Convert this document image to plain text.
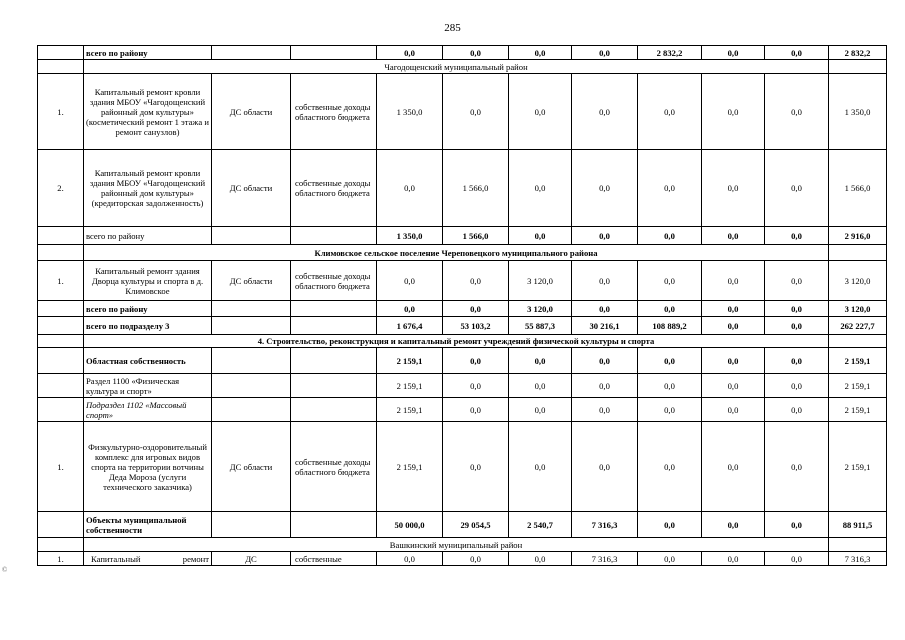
285
©
	всего по району			0,0	0,0	0,0	0,0	2 832,2	0,0	0,0	2 832,2
	Чагодощенский муниципальный район										
1.	Капитальный ремонт кровли здания МБОУ «Чагодощенский районный дом культуры» (косметический ремонт 1 этажа и ремонт санузлов)	ДС области	собственные доходы областного бюджета	1 350,0	0,0	0,0	0,0	0,0	0,0	0,0	1 350,0
2.	Капитальный ремонт кровли здания МБОУ «Чагодощенский районный дом культуры» (кредиторская задолженность)	ДС области	собственные доходы областного бюджета	0,0	1 566,0	0,0	0,0	0,0	0,0	0,0	1 566,0
	всего по району			1 350,0	1 566,0	0,0	0,0	0,0	0,0	0,0	2 916,0
	Климовское сельское поселение Череповецкого муниципального района										
1.	Капитальный ремонт здания Дворца культуры и спорта в д. Климовское	ДС области	собственные доходы областного бюджета	0,0	0,0	3 120,0	0,0	0,0	0,0	0,0	3 120,0
	всего по району			0,0	0,0	3 120,0	0,0	0,0	0,0	0,0	3 120,0
	всего по подразделу 3			1 676,4	53 103,2	55 887,3	30 216,1	108 889,2	0,0	0,0	262 227,7
	4. Строительство, реконструкция и капитальный ремонт учреждений физической культуры и спорта										
	Областная собственность			2 159,1	0,0	0,0	0,0	0,0	0,0	0,0	2 159,1
	Раздел 1100 «Физическая культура и спорт»			2 159,1	0,0	0,0	0,0	0,0	0,0	0,0	2 159,1
	Подраздел 1102 «Массовый спорт»			2 159,1	0,0	0,0	0,0	0,0	0,0	0,0	2 159,1
1.	Физкультурно-оздоровительный комплекс для игровых видов спорта на территории вотчины Деда Мороза (услуги технического заказчика)	ДС области	собственные доходы областного бюджета	2 159,1	0,0	0,0	0,0	0,0	0,0	0,0	2 159,1
	Объекты муниципальной собственности			50 000,0	29 054,5	2 540,7	7 316,3	0,0	0,0	0,0	88 911,5
	Вашкинский муниципальный район										
1.	Капитальный ремонт	ДС	собственные	0,0	0,0	0,0	7 316,3	0,0	0,0	0,0	7 316,3
